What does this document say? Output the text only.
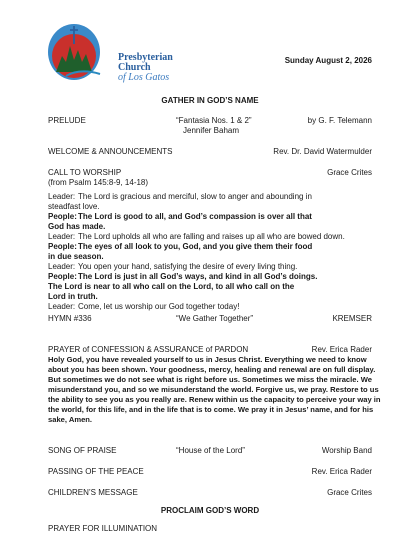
Presbyterian
Church
of Los Gatos
Sunday August 2, 2026
GATHER IN GOD’S NAME
PRELUDE	“Fantasia Nos. 1 & 2”	by G. F. Telemann
Jennifer Baham
WELCOME & ANNOUNCEMENTS	Rev. Dr. David Watermulder
CALL TO WORSHIP	Grace Crites
(from Psalm 145:8-9, 14-18)
Leader: The Lord is gracious and merciful, slow to anger and abounding in
steadfast love.
People:The Lord is good to all, and God’s compassion is over all that
God has made.
Leader: The Lord upholds all who are falling and raises up all who are bowed down.
People:The eyes of all look to you, God, and you give them their food
in due season.
Leader: You open your hand, satisfying the desire of every living thing.
People:The Lord is just in all God’s ways, and kind in all God’s doings.
The Lord is near to all who call on the Lord, to all who call on the
Lord in truth.
Leader: Come, let us worship our God together today!
HYMN #336	“We Gather Together”	KREMSER
PRAYER of CONFESSION & ASSURANCE of PARDON	Rev. Erica Rader
Holy God, you have revealed yourself to us in Jesus Christ. Everything we need to know about you has been shown. Your goodness, mercy, healing and renewal are on full display. But sometimes we do not see what is right before us. Sometimes we miss the miracle. We misunderstand you, and so we misunderstand the world. Forgive us, we pray. Restore to us the ability to see you as you really are. Renew within us the capacity to perceive your way in the world, for this life, and in the life that is to come. We pray it in Jesus’ name, and for his sake, Amen.
SONG OF PRAISE	“House of the Lord”	Worship Band
PASSING OF THE PEACE	Rev. Erica Rader
CHILDREN’S MESSAGE	Grace Crites
PROCLAIM GOD’S WORD
PRAYER FOR ILLUMINATION
